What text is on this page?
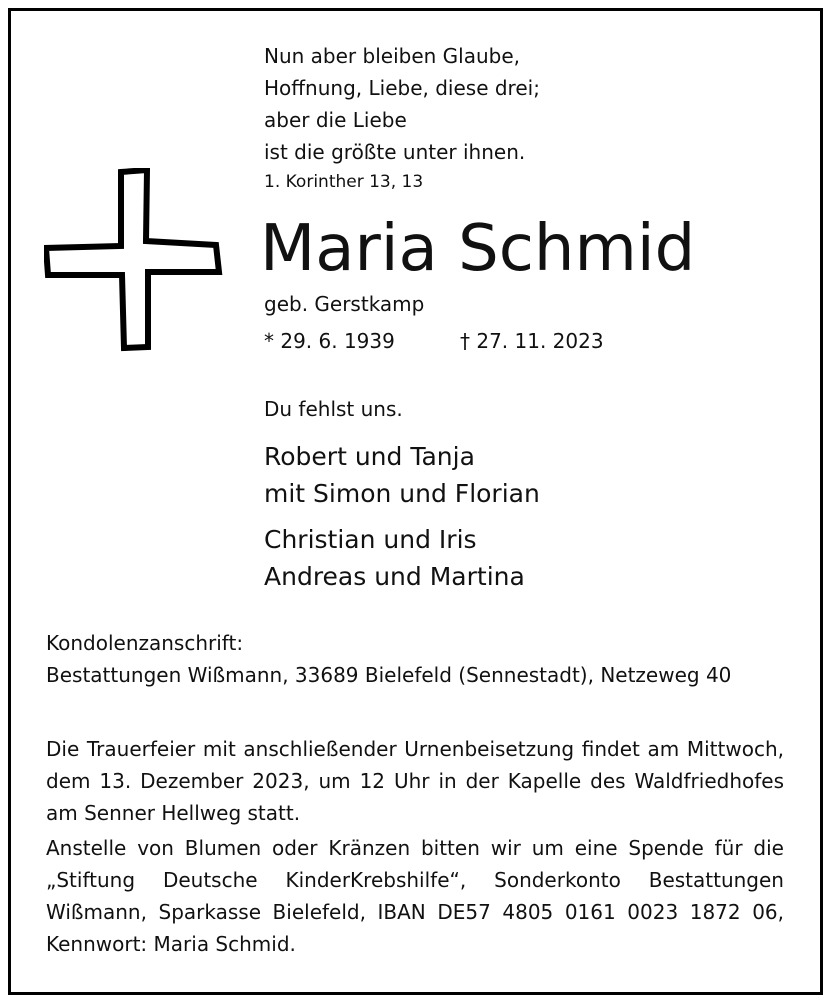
Nun aber bleiben Glaube,
Hoffnung, Liebe, diese drei;
aber die Liebe
ist die größte unter ihnen.
1. Korinther 13, 13
Maria Schmid
geb. Gerstkamp
* 29. 6. 1939	† 27. 11. 2023
Du fehlst uns.
Robert und Tanja
mit Simon und Florian
Christian und Iris
Andreas und Martina
Kondolenzanschrift:
Bestattungen Wißmann, 33689 Bielefeld (Sennestadt), Netzeweg 40
Die Trauerfeier mit anschließender Urnenbeisetzung findet am Mittwoch, dem 13. Dezember 2023, um 12 Uhr in der Kapelle des Waldfriedhofes am Senner Hellweg statt.
Anstelle von Blumen oder Kränzen bitten wir um eine Spende für die „Stiftung Deutsche KinderKrebshilfe“, Sonderkonto Bestattungen Wißmann, Sparkasse Bielefeld, IBAN DE57 4805 0161 0023 1872 06, Kennwort: Maria Schmid.
